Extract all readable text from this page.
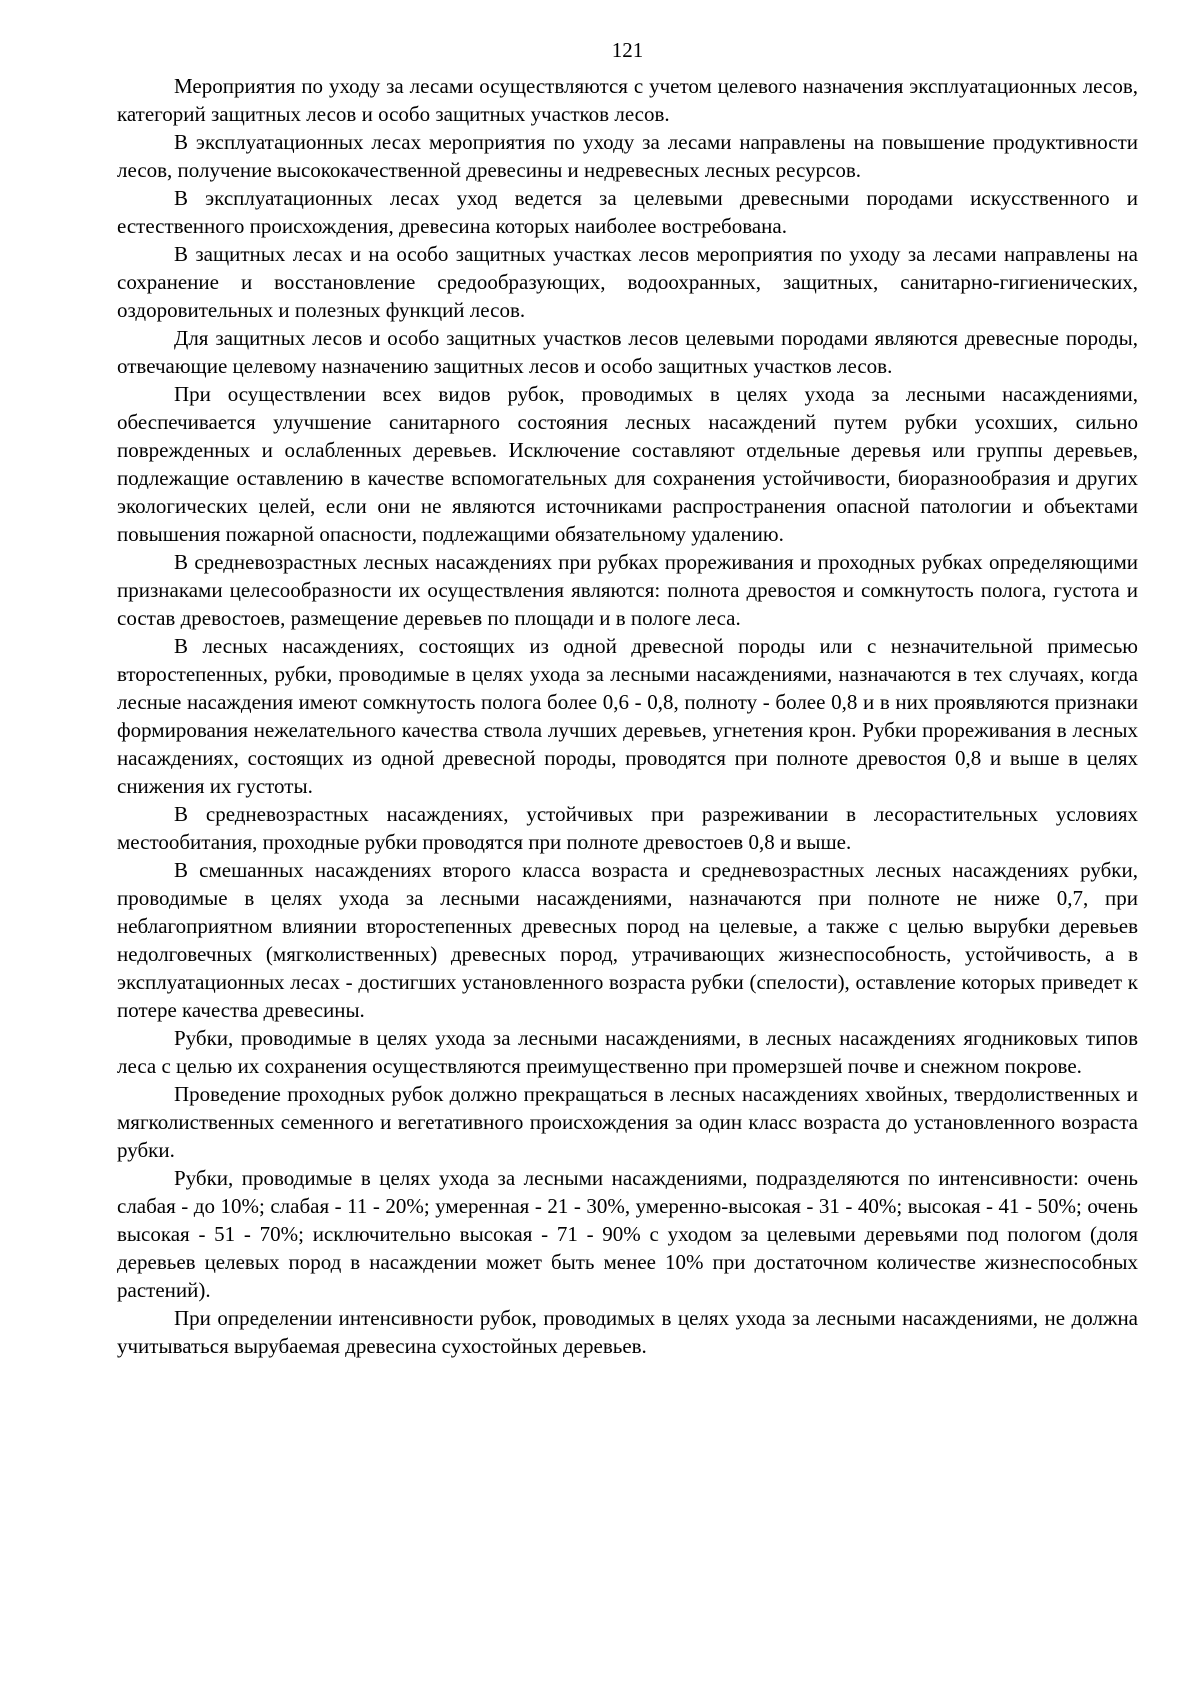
121

Мероприятия по уходу за лесами осуществляются с учетом целевого назначения эксплуатационных лесов, категорий защитных лесов и особо защитных участков лесов.

В эксплуатационных лесах мероприятия по уходу за лесами направлены на повышение продуктивности лесов, получение высококачественной древесины и недревесных лесных ресурсов.

В эксплуатационных лесах уход ведется за целевыми древесными породами искусственного и естественного происхождения, древесина которых наиболее востребована.

В защитных лесах и на особо защитных участках лесов мероприятия по уходу за лесами направлены на сохранение и восстановление средообразующих, водоохранных, защитных, санитарно-гигиенических, оздоровительных и полезных функций лесов.

Для защитных лесов и особо защитных участков лесов целевыми породами являются древесные породы, отвечающие целевому назначению защитных лесов и особо защитных участков лесов.

При осуществлении всех видов рубок, проводимых в целях ухода за лесными насаждениями, обеспечивается улучшение санитарного состояния лесных насаждений путем рубки усохших, сильно поврежденных и ослабленных деревьев. Исключение составляют отдельные деревья или группы деревьев, подлежащие оставлению в качестве вспомогательных для сохранения устойчивости, биоразнообразия и других экологических целей, если они не являются источниками распространения опасной патологии и объектами повышения пожарной опасности, подлежащими обязательному удалению.

В средневозрастных лесных насаждениях при рубках прореживания и проходных рубках определяющими признаками целесообразности их осуществления являются: полнота древостоя и сомкнутость полога, густота и состав древостоев, размещение деревьев по площади и в пологе леса.

В лесных насаждениях, состоящих из одной древесной породы или с незначительной примесью второстепенных, рубки, проводимые в целях ухода за лесными насаждениями, назначаются в тех случаях, когда лесные насаждения имеют сомкнутость полога более 0,6 - 0,8, полноту - более 0,8 и в них проявляются признаки формирования нежелательного качества ствола лучших деревьев, угнетения крон. Рубки прореживания в лесных насаждениях, состоящих из одной древесной породы, проводятся при полноте древостоя 0,8 и выше в целях снижения их густоты.

В средневозрастных насаждениях, устойчивых при разреживании в лесорастительных условиях местообитания, проходные рубки проводятся при полноте древостоев 0,8 и выше.

В смешанных насаждениях второго класса возраста и средневозрастных лесных насаждениях рубки, проводимые в целях ухода за лесными насаждениями, назначаются при полноте не ниже 0,7, при неблагоприятном влиянии второстепенных древесных пород на целевые, а также с целью вырубки деревьев недолговечных (мягколиственных) древесных пород, утрачивающих жизнеспособность, устойчивость, а в эксплуатационных лесах - достигших установленного возраста рубки (спелости), оставление которых приведет к потере качества древесины.

Рубки, проводимые в целях ухода за лесными насаждениями, в лесных насаждениях ягодниковых типов леса с целью их сохранения осуществляются преимущественно при промерзшей почве и снежном покрове.

Проведение проходных рубок должно прекращаться в лесных насаждениях хвойных, твердолиственных и мягколиственных семенного и вегетативного происхождения за один класс возраста до установленного возраста рубки.

Рубки, проводимые в целях ухода за лесными насаждениями, подразделяются по интенсивности: очень слабая - до 10%; слабая - 11 - 20%; умеренная - 21 - 30%, умеренно-высокая - 31 - 40%; высокая - 41 - 50%; очень высокая - 51 - 70%; исключительно высокая - 71 - 90% с уходом за целевыми деревьями под пологом (доля деревьев целевых пород в насаждении может быть менее 10% при достаточном количестве жизнеспособных растений).

При определении интенсивности рубок, проводимых в целях ухода за лесными насаждениями, не должна учитываться вырубаемая древесина сухостойных деревьев.
